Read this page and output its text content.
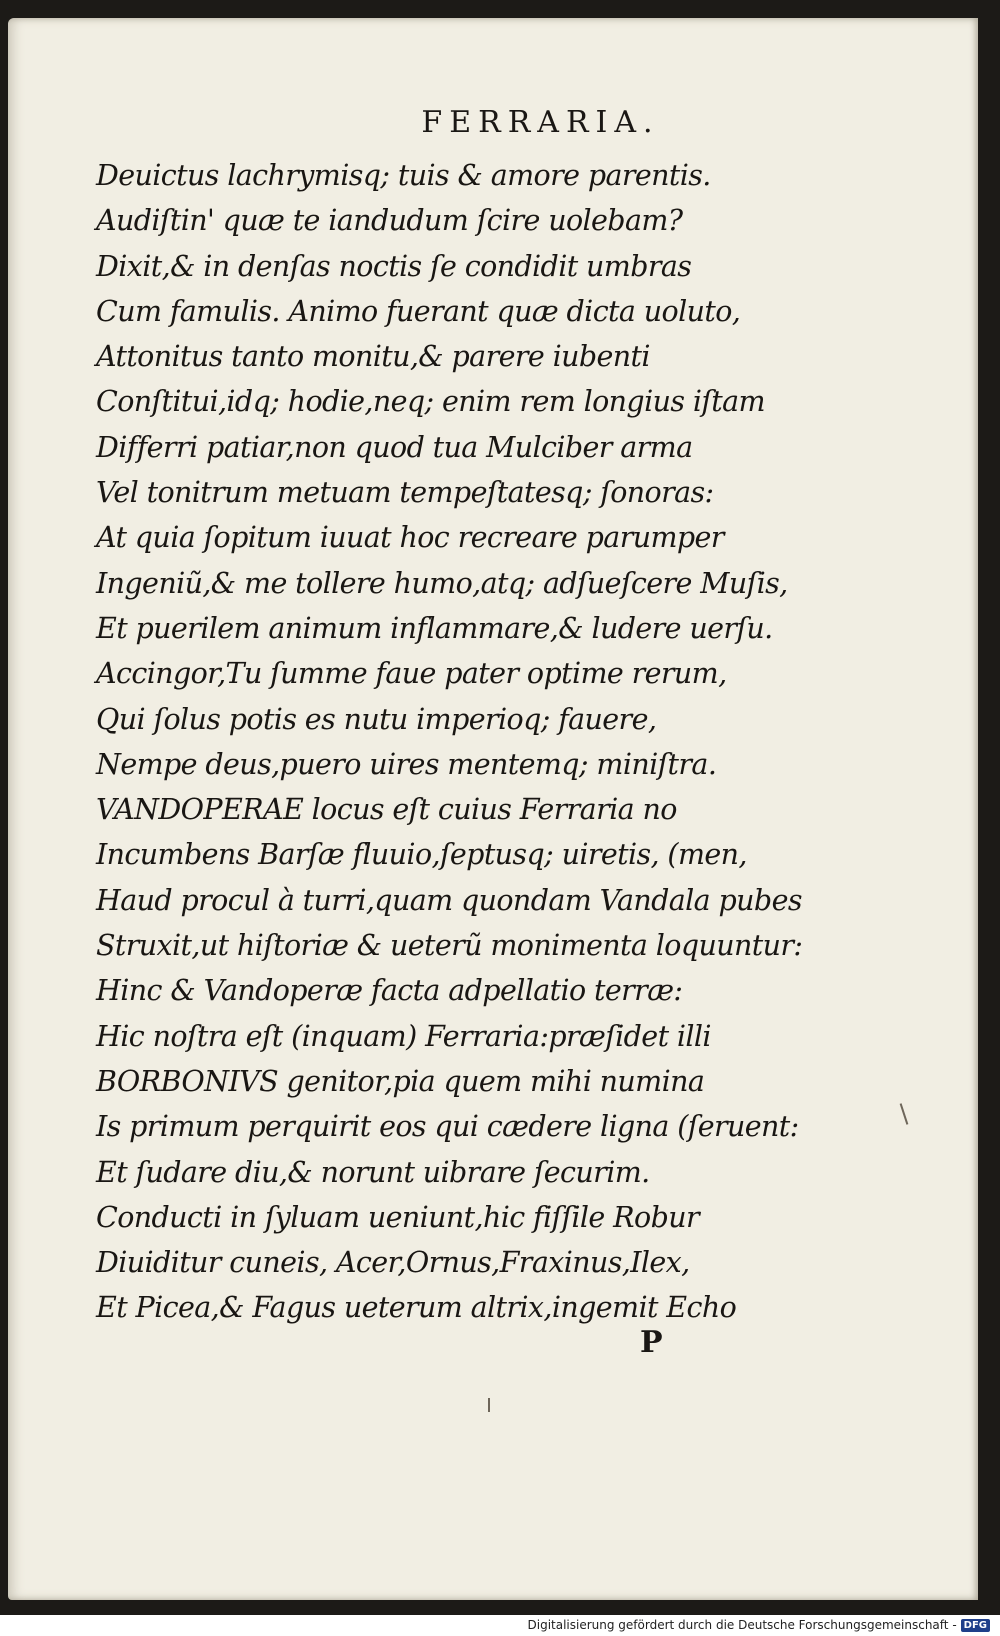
FERRARIA.
Deuictus lachrymisq; tuis & amore parentis.
Audiſtin' quæ te iandudum ſcire uolebam?
Dixit,& in denſas noctis ſe condidit umbras
Cum famulis. Animo fuerant quæ dicta uoluto,
Attonitus tanto monitu,& parere iubenti
Conſtitui,idq; hodie,neq; enim rem longius iſtam
Differri patiar,non quod tua Mulciber arma
Vel tonitrum metuam tempeſtatesq; ſonoras:
At quia ſopitum iuuat hoc recreare parumper
Ingeniũ,& me tollere humo,atq; adſueſcere Muſis,
Et puerilem animum inflammare,& ludere uerſu.
Accingor,Tu ſumme faue pater optime rerum,
Qui ſolus potis es nutu imperioq; fauere,
Nempe deus,puero uires mentemq; miniſtra.
VANDOPERAE locus eſt cuius Ferraria no
Incumbens Barſæ fluuio,ſeptusq; uiretis, (men,
Haud procul à turri,quam quondam Vandala pubes
Struxit,ut hiſtoriæ & ueterũ monimenta loquuntur:
Hinc & Vandoperæ facta adpellatio terræ:
Hic noſtra eſt (inquam) Ferraria:præſidet illi
BORBONIVS genitor,pia quem mihi numina
Is primum perquirit eos qui cædere ligna (ſeruent:
Et ſudare diu,& norunt uibrare ſecurim.
Conducti in ſyluam ueniunt,hic fiſſile Robur
Diuiditur cuneis, Acer,Ornus,Fraxinus,Ilex,
Et Picea,& Fagus ueterum altrix,ingemit Echo
P
Digitalisierung gefördert durch die Deutsche Forschungsgemeinschaft - DFG
